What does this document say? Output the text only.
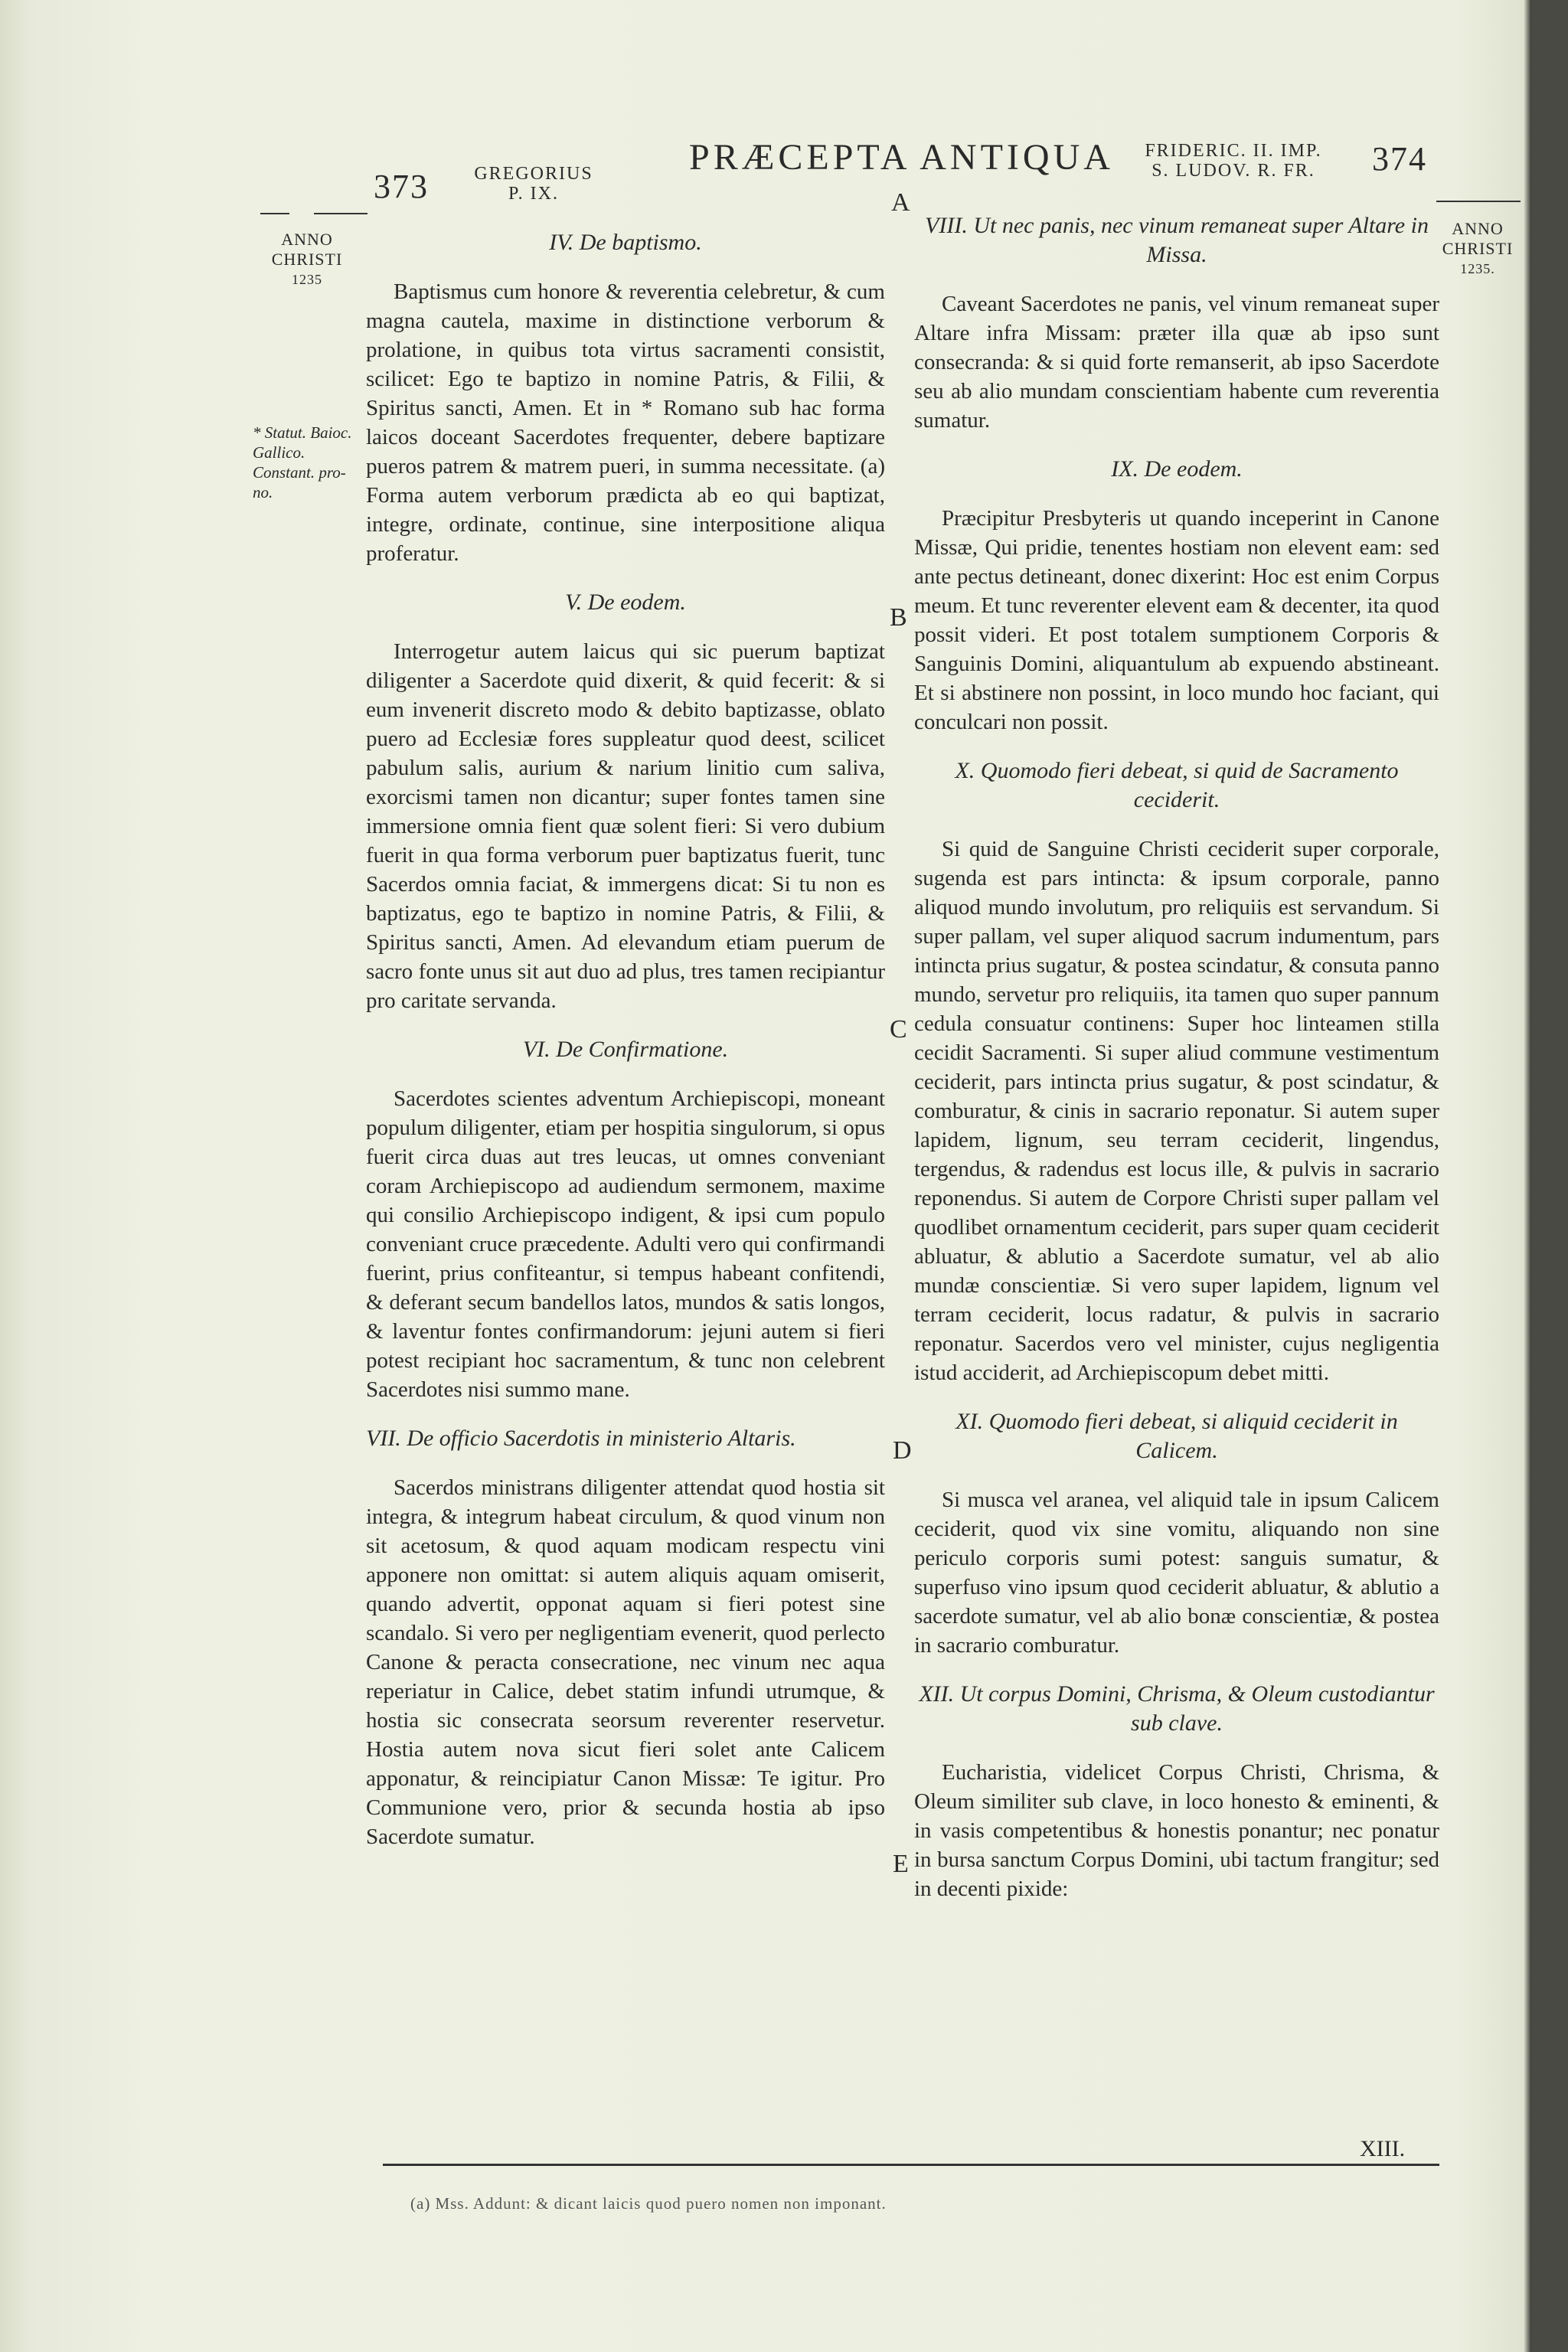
373	GREGORIUS
P. IX.
PRÆCEPTA ANTIQUA	FRIDERIC. II. IMP.
S. LUDOV. R. FR.	374
ANNO
CHRISTI
1235
ANNO
CHRISTI
1235.
* Statut. Baioc. Gallico. Constant. pro-no.
A
B
C
D
E
IV. De baptismo.

Baptismus cum honore & reverentia celebretur, & cum magna cautela, maxime in distinctione verborum & prolatione, in quibus tota virtus sacramenti consistit, scilicet: Ego te baptizo in nomine Patris, & Filii, & Spiritus sancti, Amen. Et in * Romano sub hac forma laicos doceant Sacerdotes frequenter, debere baptizare pueros patrem & matrem pueri, in summa necessitate. (a) Forma autem verborum prædicta ab eo qui baptizat, integre, ordinate, continue, sine interpositione aliqua proferatur.

V. De eodem.

Interrogetur autem laicus qui sic puerum baptizat diligenter a Sacerdote quid dixerit, & quid fecerit: & si eum invenerit discreto modo & debito baptizasse, oblato puero ad Ecclesiæ fores suppleatur quod deest, scilicet pabulum salis, aurium & narium linitio cum saliva, exorcismi tamen non dicantur; super fontes tamen sine immersione omnia fient quæ solent fieri: Si vero dubium fuerit in qua forma verborum puer baptizatus fuerit, tunc Sacerdos omnia faciat, & immergens dicat: Si tu non es baptizatus, ego te baptizo in nomine Patris, & Filii, & Spiritus sancti, Amen. Ad elevandum etiam puerum de sacro fonte unus sit aut duo ad plus, tres tamen recipiantur pro caritate servanda.

VI. De Confirmatione.

Sacerdotes scientes adventum Archiepiscopi, moneant populum diligenter, etiam per hospitia singulorum, si opus fuerit circa duas aut tres leucas, ut omnes conveniant coram Archiepiscopo ad audiendum sermonem, maxime qui consilio Archiepiscopo indigent, & ipsi cum populo conveniant cruce præcedente. Adulti vero qui confirmandi fuerint, prius confiteantur, si tempus habeant confitendi, & deferant secum bandellos latos, mundos & satis longos, & laventur fontes confirmandorum: jejuni autem si fieri potest recipiant hoc sacramentum, & tunc non celebrent Sacerdotes nisi summo mane.

VII. De officio Sacerdotis in ministerio Altaris.

Sacerdos ministrans diligenter attendat quod hostia sit integra, & integrum habeat circulum, & quod vinum non sit acetosum, & quod aquam modicam respectu vini apponere non omittat: si autem aliquis aquam omiserit, quando advertit, opponat aquam si fieri potest sine scandalo. Si vero per negligentiam evenerit, quod perlecto Canone & peracta consecratione, nec vinum nec aqua reperiatur in Calice, debet statim infundi utrumque, & hostia sic consecrata seorsum reverenter reservetur. Hostia autem nova sicut fieri solet ante Calicem apponatur, & reincipiatur Canon Missæ: Te igitur. Pro Communione vero, prior & secunda hostia ab ipso Sacerdote sumatur.

VIII. Ut nec panis, nec vinum remaneat super Altare in Missa.

Caveant Sacerdotes ne panis, vel vinum remaneat super Altare infra Missam: præter illa quæ ab ipso sunt consecranda: & si quid forte remanserit, ab ipso Sacerdote seu ab alio mundam conscientiam habente cum reverentia sumatur.

IX. De eodem.

Præcipitur Presbyteris ut quando inceperint in Canone Missæ, Qui pridie, tenentes hostiam non elevent eam: sed ante pectus detineant, donec dixerint: Hoc est enim Corpus meum. Et tunc reverenter elevent eam & decenter, ita quod possit videri. Et post totalem sumptionem Corporis & Sanguinis Domini, aliquantulum ab expuendo abstineant. Et si abstinere non possint, in loco mundo hoc faciant, qui conculcari non possit.

X. Quomodo fieri debeat, si quid de Sacramento ceciderit.

Si quid de Sanguine Christi ceciderit super corporale, sugenda est pars intincta: & ipsum corporale, panno aliquod mundo involutum, pro reliquiis est servandum. Si super pallam, vel super aliquod sacrum indumentum, pars intincta prius sugatur, & postea scindatur, & consuta panno mundo, servetur pro reliquiis, ita tamen quo super pannum cedula consuatur continens: Super hoc linteamen stilla cecidit Sacramenti. Si super aliud commune vestimentum ceciderit, pars intincta prius sugatur, & post scindatur, & comburatur, & cinis in sacrario reponatur. Si autem super lapidem, lignum, seu terram ceciderit, lingendus, tergendus, & radendus est locus ille, & pulvis in sacrario reponendus. Si autem de Corpore Christi super pallam vel quodlibet ornamentum ceciderit, pars super quam ceciderit abluatur, & ablutio a Sacerdote sumatur, vel ab alio mundæ conscientiæ. Si vero super lapidem, lignum vel terram ceciderit, locus radatur, & pulvis in sacrario reponatur. Sacerdos vero vel minister, cujus negligentia istud acciderit, ad Archiepiscopum debet mitti.

XI. Quomodo fieri debeat, si aliquid ceciderit in Calicem.

Si musca vel aranea, vel aliquid tale in ipsum Calicem ceciderit, quod vix sine vomitu, aliquando non sine periculo corporis sumi potest: sanguis sumatur, & superfuso vino ipsum quod ceciderit abluatur, & ablutio a sacerdote sumatur, vel ab alio bonæ conscientiæ, & postea in sacrario comburatur.

XII. Ut corpus Domini, Chrisma, & Oleum custodiantur sub clave.

Eucharistia, videlicet Corpus Christi, Chrisma, & Oleum similiter sub clave, in loco honesto & eminenti, & in vasis competentibus & honestis ponantur; nec ponatur in bursa sanctum Corpus Domini, ubi tactum frangitur; sed in decenti pixide:

XIII.
(a) Mss. Addunt: & dicant laicis quod puero nomen non imponant.
